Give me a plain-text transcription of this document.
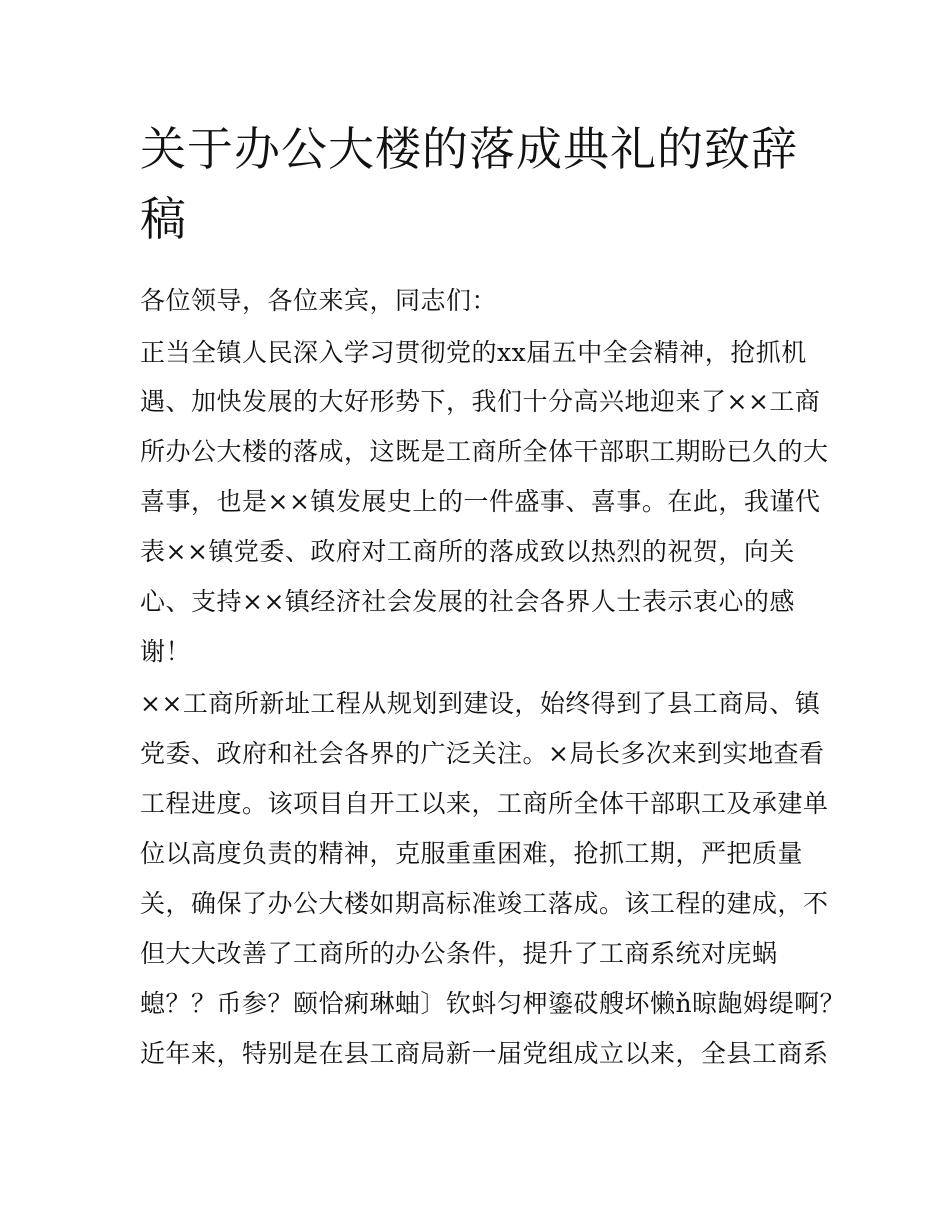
关于办公大楼的落成典礼的致辞稿

各位领导，各位来宾，同志们：

正当全镇人民深入学习贯彻党的xx届五中全会精神，抢抓机

遇、加快发展的大好形势下，我们十分高兴地迎来了××工商

所办公大楼的落成，这既是工商所全体干部职工期盼已久的大

喜事，也是××镇发展史上的一件盛事、喜事。在此，我谨代

表××镇党委、政府对工商所的落成致以热烈的祝贺，向关

心、支持××镇经济社会发展的社会各界人士表示衷心的感

谢！

××工商所新址工程从规划到建设，始终得到了县工商局、镇

党委、政府和社会各界的广泛关注。×局长多次来到实地查看

工程进度。该项目自开工以来，工商所全体干部职工及承建单

位以高度负责的精神，克服重重困难，抢抓工期，严把质量

关，确保了办公大楼如期高标准竣工落成。该工程的建成，不

但大大改善了工商所的办公条件，提升了工商系统对庑蜗

螅？？币参？颐恰痢琳蚰〕钦蚪匀柙鎏砹艘坏懒ň晾龅姆缇啊？

近年来，特别是在县工商局新一届党组成立以来，全县工商系
